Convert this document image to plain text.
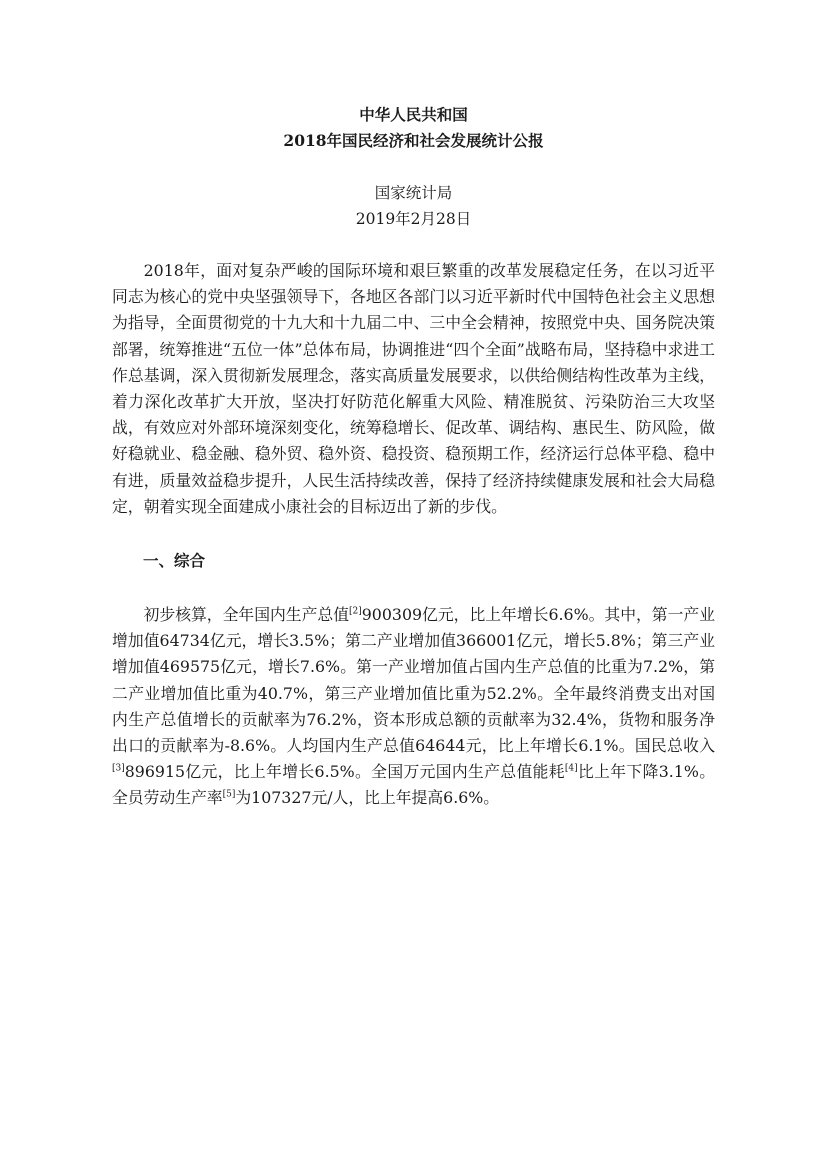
中华人民共和国

2018年国民经济和社会发展统计公报

国家统计局

2019年2月28日

2018年，面对复杂严峻的国际环境和艰巨繁重的改革发展稳定任务，在以习近平同志为核心的党中央坚强领导下，各地区各部门以习近平新时代中国特色社会主义思想为指导，全面贯彻党的十九大和十九届二中、三中全会精神，按照党中央、国务院决策部署，统筹推进“五位一体”总体布局，协调推进“四个全面”战略布局，坚持稳中求进工作总基调，深入贯彻新发展理念，落实高质量发展要求，以供给侧结构性改革为主线，着力深化改革扩大开放，坚决打好防范化解重大风险、精准脱贫、污染防治三大攻坚战，有效应对外部环境深刻变化，统筹稳增长、促改革、调结构、惠民生、防风险，做好稳就业、稳金融、稳外贸、稳外资、稳投资、稳预期工作，经济运行总体平稳、稳中有进，质量效益稳步提升，人民生活持续改善，保持了经济持续健康发展和社会大局稳定，朝着实现全面建成小康社会的目标迈出了新的步伐。

一、综合

初步核算，全年国内生产总值[2]900309亿元，比上年增长6.6%。其中，第一产业增加值64734亿元，增长3.5%；第二产业增加值366001亿元，增长5.8%；第三产业增加值469575亿元，增长7.6%。第一产业增加值占国内生产总值的比重为7.2%，第二产业增加值比重为40.7%，第三产业增加值比重为52.2%。全年最终消费支出对国内生产总值增长的贡献率为76.2%，资本形成总额的贡献率为32.4%，货物和服务净出口的贡献率为-8.6%。人均国内生产总值64644元，比上年增长6.1%。国民总收入[3]896915亿元，比上年增长6.5%。全国万元国内生产总值能耗[4]比上年下降3.1%。全员劳动生产率[5]为107327元/人，比上年提高6.6%。
